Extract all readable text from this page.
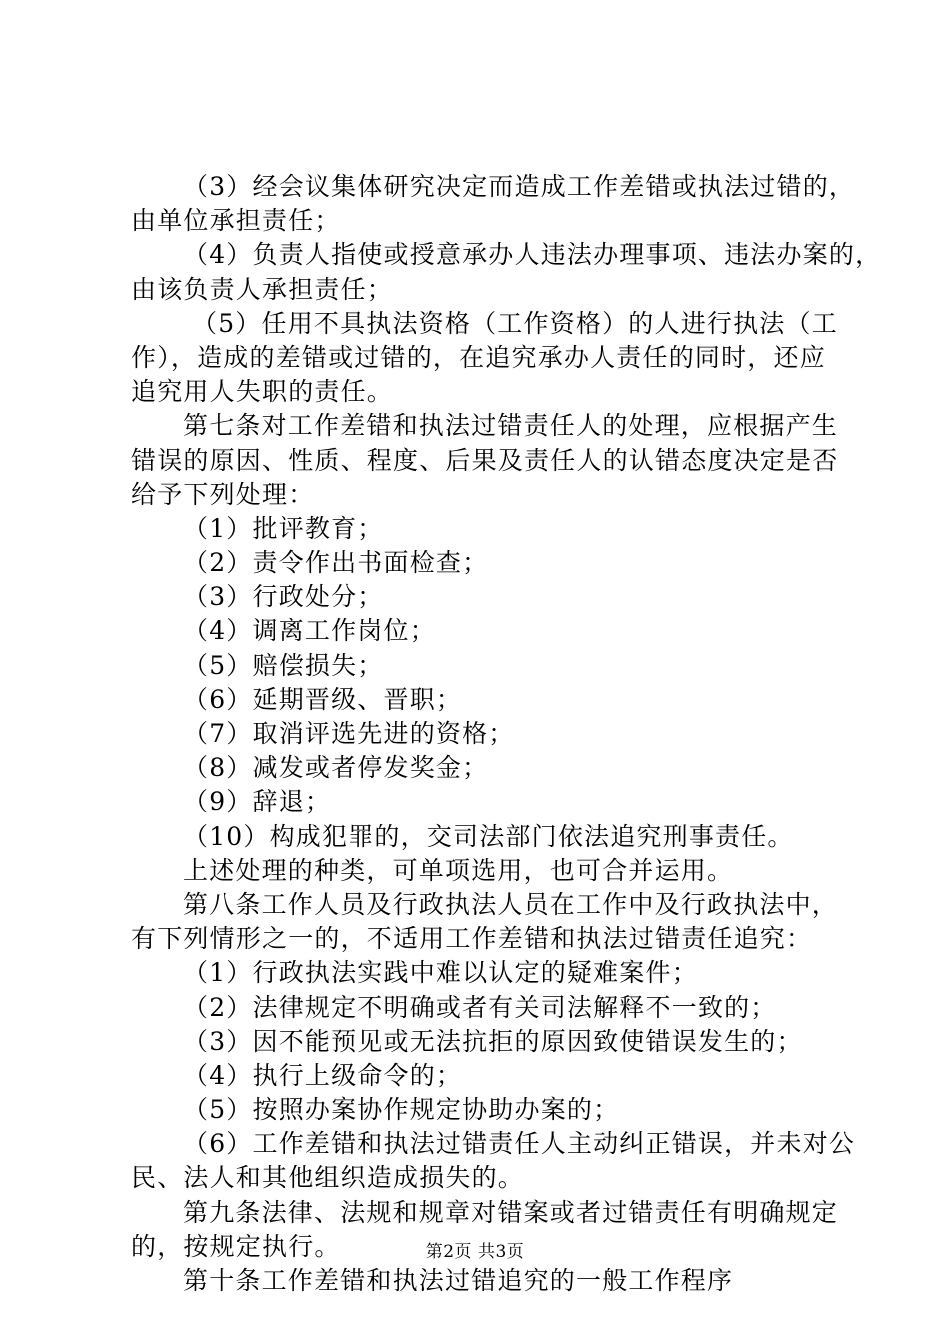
（3）经会议集体研究决定而造成工作差错或执法过错的，
由单位承担责任；
（4）负责人指使或授意承办人违法办理事项、违法办案的，
由该负责人承担责任；
（5）任用不具执法资格（工作资格）的人进行执法（工
作），造成的差错或过错的，在追究承办人责任的同时，还应
追究用人失职的责任。
第七条对工作差错和执法过错责任人的处理，应根据产生
错误的原因、性质、程度、后果及责任人的认错态度决定是否
给予下列处理：
（1）批评教育；
（2）责令作出书面检查；
（3）行政处分；
（4）调离工作岗位；
（5）赔偿损失；
（6）延期晋级、晋职；
（7）取消评选先进的资格；
（8）减发或者停发奖金；
（9）辞退；
（10）构成犯罪的，交司法部门依法追究刑事责任。
上述处理的种类，可单项选用，也可合并运用。
第八条工作人员及行政执法人员在工作中及行政执法中，
有下列情形之一的，不适用工作差错和执法过错责任追究：
（1）行政执法实践中难以认定的疑难案件；
（2）法律规定不明确或者有关司法解释不一致的；
（3）因不能预见或无法抗拒的原因致使错误发生的；
（4）执行上级命令的；
（5）按照办案协作规定协助办案的；
（6）工作差错和执法过错责任人主动纠正错误，并未对公
民、法人和其他组织造成损失的。
第九条法律、法规和规章对错案或者过错责任有明确规定
的，按规定执行。
第十条工作差错和执法过错追究的一般工作程序
第2页 共3页
